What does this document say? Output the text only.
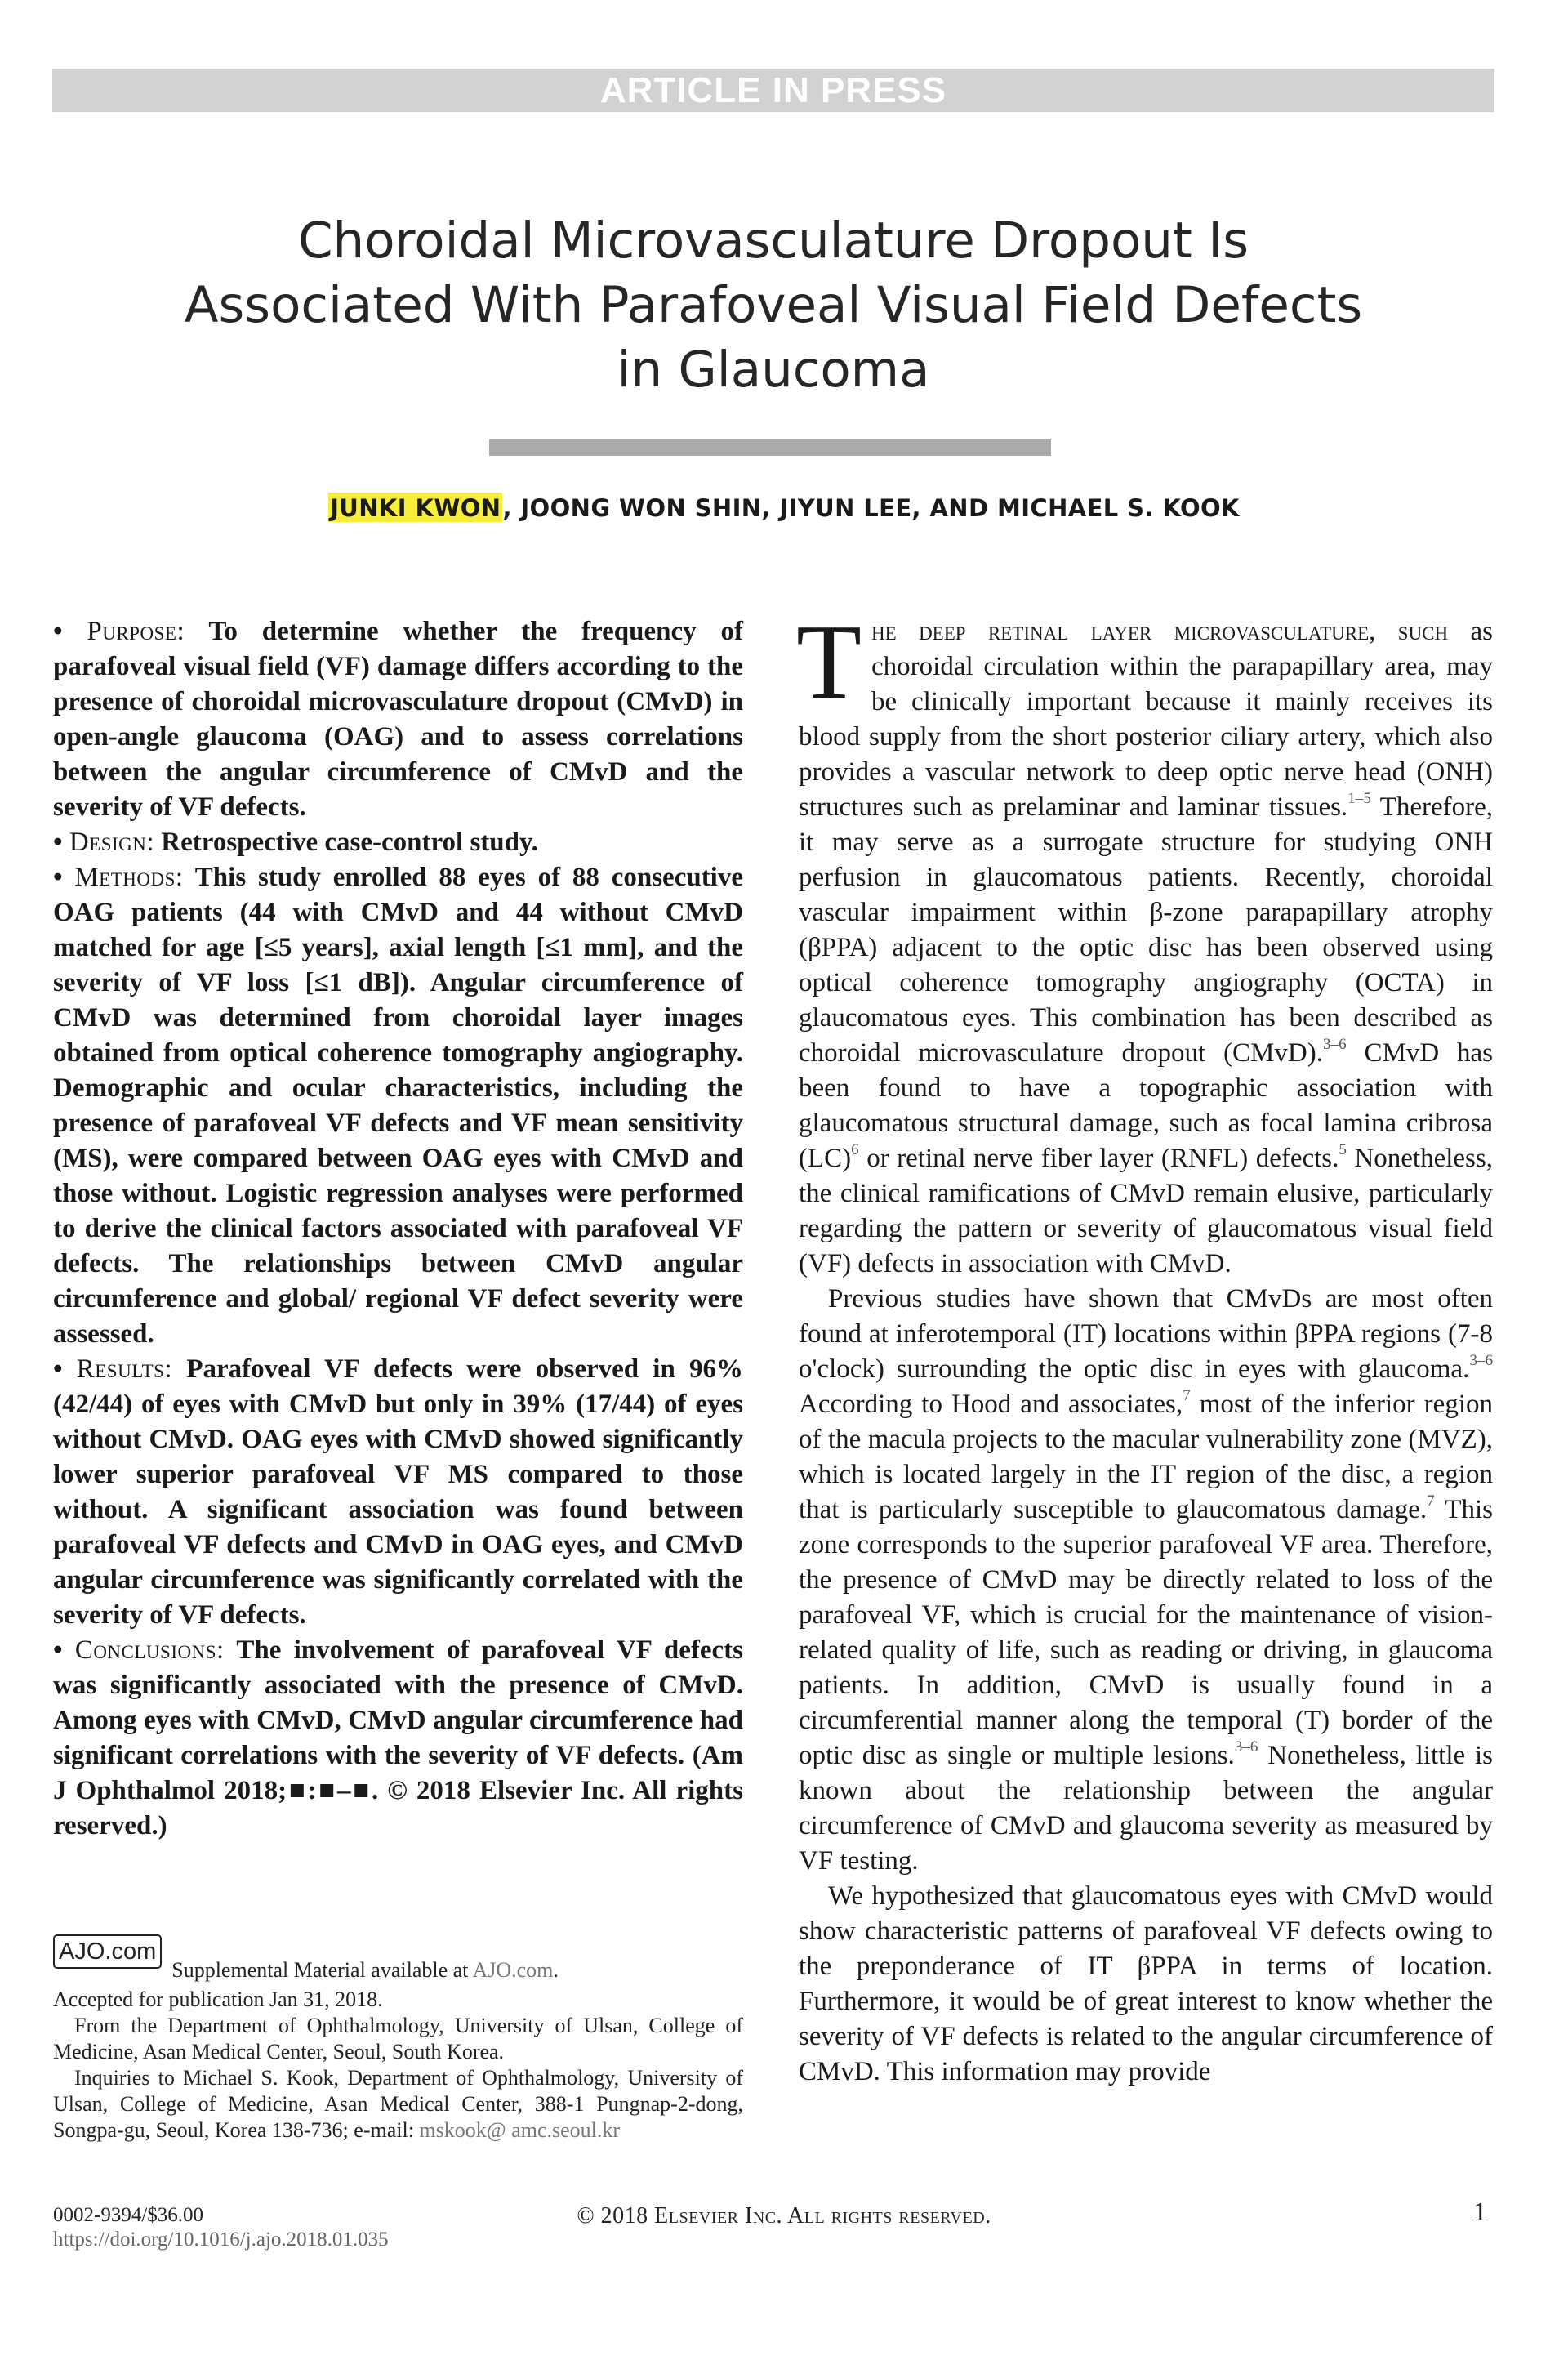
ARTICLE IN PRESS
Choroidal Microvasculature Dropout Is
Associated With Parafoveal Visual Field Defects
in Glaucoma
JUNKI KWON, JOONG WON SHIN, JIYUN LEE, AND MICHAEL S. KOOK

• Purpose: To determine whether the frequency of parafoveal visual field (VF) damage differs according to the presence of choroidal microvasculature dropout (CMvD) in open-angle glaucoma (OAG) and to assess correlations between the angular circumference of CMvD and the severity of VF defects.

• Design: Retrospective case-control study.

• Methods: This study enrolled 88 eyes of 88 consecutive OAG patients (44 with CMvD and 44 without CMvD matched for age [≤5 years], axial length [≤1 mm], and the severity of VF loss [≤1 dB]). Angular circumference of CMvD was determined from choroidal layer images obtained from optical coherence tomography angiography. Demographic and ocular characteristics, including the presence of parafoveal VF defects and VF mean sensitivity (MS), were compared between OAG eyes with CMvD and those without. Logistic regression analyses were performed to derive the clinical factors associated with parafoveal VF defects. The relationships between CMvD angular circumference and global/ regional VF defect severity were assessed.

• Results: Parafoveal VF defects were observed in 96% (42/44) of eyes with CMvD but only in 39% (17/44) of eyes without CMvD. OAG eyes with CMvD showed significantly lower superior parafoveal VF MS compared to those without. A significant association was found between parafoveal VF defects and CMvD in OAG eyes, and CMvD angular circumference was significantly correlated with the severity of VF defects.

• Conclusions: The involvement of parafoveal VF defects was significantly associated with the presence of CMvD. Among eyes with CMvD, CMvD angular circumference had significant correlations with the severity of VF defects. (Am J Ophthalmol 2018;■:■–■. © 2018 Elsevier Inc. All rights reserved.)

The deep retinal layer microvasculature, such as choroidal circulation within the parapapillary area, may be clinically important because it mainly receives its blood supply from the short posterior ciliary artery, which also provides a vascular network to deep optic nerve head (ONH) structures such as prelaminar and laminar tissues.$^{1-5}$ Therefore, it may serve as a surrogate structure for studying ONH perfusion in glaucomatous patients. Recently, choroidal vascular impairment within β-zone parapapillary atrophy (βPPA) adjacent to the optic disc has been observed using optical coherence tomography angiography (OCTA) in glaucomatous eyes. This combination has been described as choroidal microvasculature dropout (CMvD).$^{3-6}$ CMvD has been found to have a topographic association with glaucomatous structural damage, such as focal lamina cribrosa (LC)$^6$ or retinal nerve fiber layer (RNFL) defects.$^5$ Nonetheless, the clinical ramifications of CMvD remain elusive, particularly regarding the pattern or severity of glaucomatous visual field (VF) defects in association with CMvD.

Previous studies have shown that CMvDs are most often found at inferotemporal (IT) locations within βPPA regions (7-8 o'clock) surrounding the optic disc in eyes with glaucoma.$^{3-6}$ According to Hood and associates,$^7$ most of the inferior region of the macula projects to the macular vulnerability zone (MVZ), which is located largely in the IT region of the disc, a region that is particularly susceptible to glaucomatous damage.$^7$ This zone corresponds to the superior parafoveal VF area. Therefore, the presence of CMvD may be directly related to loss of the parafoveal VF, which is crucial for the maintenance of vision-related quality of life, such as reading or driving, in glaucoma patients. In addition, CMvD is usually found in a circumferential manner along the temporal (T) border of the optic disc as single or multiple lesions.$^{3-6}$ Nonetheless, little is known about the relationship between the angular circumference of CMvD and glaucoma severity as measured by VF testing.

We hypothesized that glaucomatous eyes with CMvD would show characteristic patterns of parafoveal VF defects owing to the preponderance of IT βPPA in terms of location. Furthermore, it would be of great interest to know whether the severity of VF defects is related to the angular circumference of CMvD. This information may provide

AJO.comSupplemental Material available at AJO.com.

Accepted for publication Jan 31, 2018.

From the Department of Ophthalmology, University of Ulsan, College of Medicine, Asan Medical Center, Seoul, South Korea.

Inquiries to Michael S. Kook, Department of Ophthalmology, University of Ulsan, College of Medicine, Asan Medical Center, 388-1 Pungnap-2-dong, Songpa-gu, Seoul, Korea 138-736; e-mail: mskook@ amc.seoul.kr

0002-9394/$36.00
https://doi.org/10.1016/j.ajo.2018.01.035
© 2018 Elsevier Inc. All rights reserved.	1
